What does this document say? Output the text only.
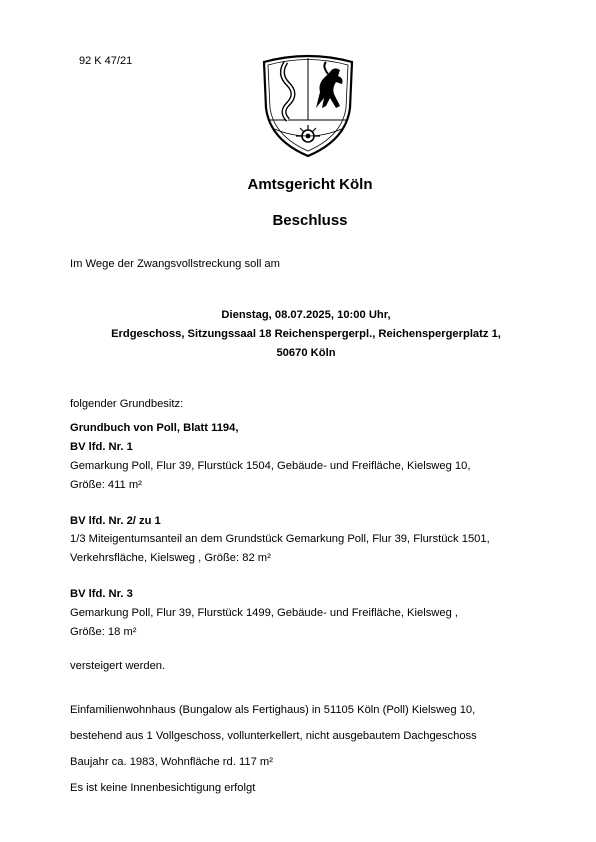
92 K 47/21
Amtsgericht Köln
Beschluss
Im Wege der Zwangsvollstreckung soll am
Dienstag, 08.07.2025, 10:00 Uhr,
Erdgeschoss, Sitzungssaal 18 Reichenspergerpl., Reichenspergerplatz 1,
50670 Köln
folgender Grundbesitz:
Grundbuch von Poll, Blatt 1194,
BV lfd. Nr. 1
Gemarkung Poll, Flur 39, Flurstück 1504, Gebäude- und Freifläche, Kielsweg 10,
Größe: 411 m²
BV lfd. Nr. 2/ zu 1
1/3 Miteigentumsanteil an dem Grundstück Gemarkung Poll, Flur 39, Flurstück 1501,
Verkehrsfläche, Kielsweg , Größe: 82 m²
BV lfd. Nr. 3
Gemarkung Poll, Flur 39, Flurstück 1499, Gebäude- und Freifläche, Kielsweg ,
Größe: 18 m²
versteigert werden.
Einfamilienwohnhaus (Bungalow als Fertighaus) in 51105 Köln (Poll) Kielsweg 10,
bestehend aus 1 Vollgeschoss, vollunterkellert, nicht ausgebautem Dachgeschoss
Baujahr ca. 1983, Wohnfläche rd. 117 m²
Es ist keine Innenbesichtigung erfolgt
